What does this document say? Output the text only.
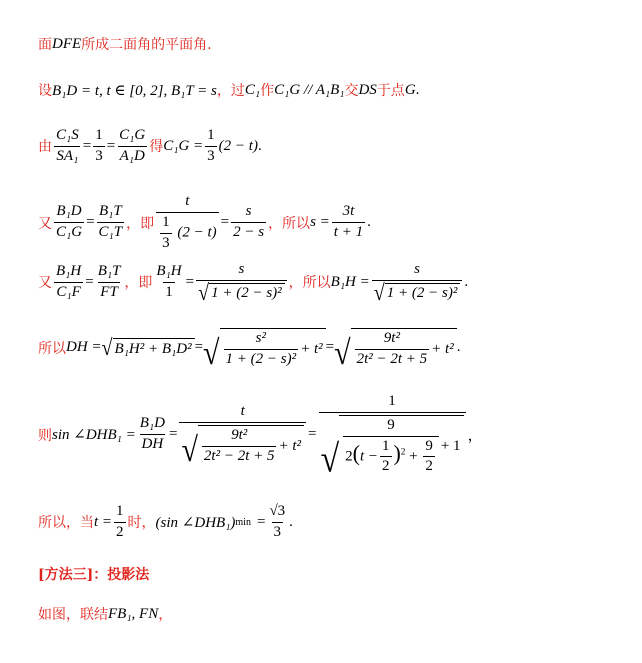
面 DFE 所成二面角的平面角.
设 B₁D = t, t ∈ [0, 2], B₁T = s ，过 C₁ 作 C₁G // A₁B₁ 交 DS 于点 G .
由 $\frac{\text{C₁S}}{\text{SA₁}} = \frac{1}{3} = \frac{\text{C₁G}}{\text{A₁D}}$ 得 $C_1G = \frac{1}{3} (2 - t)$ .
又 $\frac{\text{B₁D}}{\text{C₁G}} = \frac{\text{B₁T}}{\text{C₁T}}$ ，即 $\frac{t}{\frac{1}{3} (2 - t)} = \frac{s}{2 - s}$ ，所以 $s = \frac{3t}{t + 1}$ .
又 $\frac{\text{B₁H}}{\text{C₁F}} = \frac{\text{B₁T}}{FT}$ ，即 $\frac{\text{B₁H}}{1} = \frac{s}{\text{√ 1 + (2 − s)²}}$ ，所以 $B_1H = \frac{s}{\text{√ 1 + (2 − s)²}}$ .
所以 DH = √ B₁H² + B₁D² = √ $\frac{\text{s²}}{\text{1 + (2 − s)²}} + t^2$ = √ $\frac{\text{9t²}}{\text{2t² − 2t + 5}} + t^2$ .
则 sin ∠DHB₁ = $\frac{\text{B₁D}}{DH}$ =
t
√ $\frac{\text{9t²}}{\text{2t² − 2t + 5}} + t^2$
=
1
√ $\frac{9}{2(t - \frac{1}{2} )^2 + \frac{9}{2}} + 1$
，
所以，当 $t = \frac{1}{2}$ 时， (sin ∠DHB₁) $\min = \frac{√3}{3}$ .
[方法三]：投影法
如图，联结 FB₁, FN ，
